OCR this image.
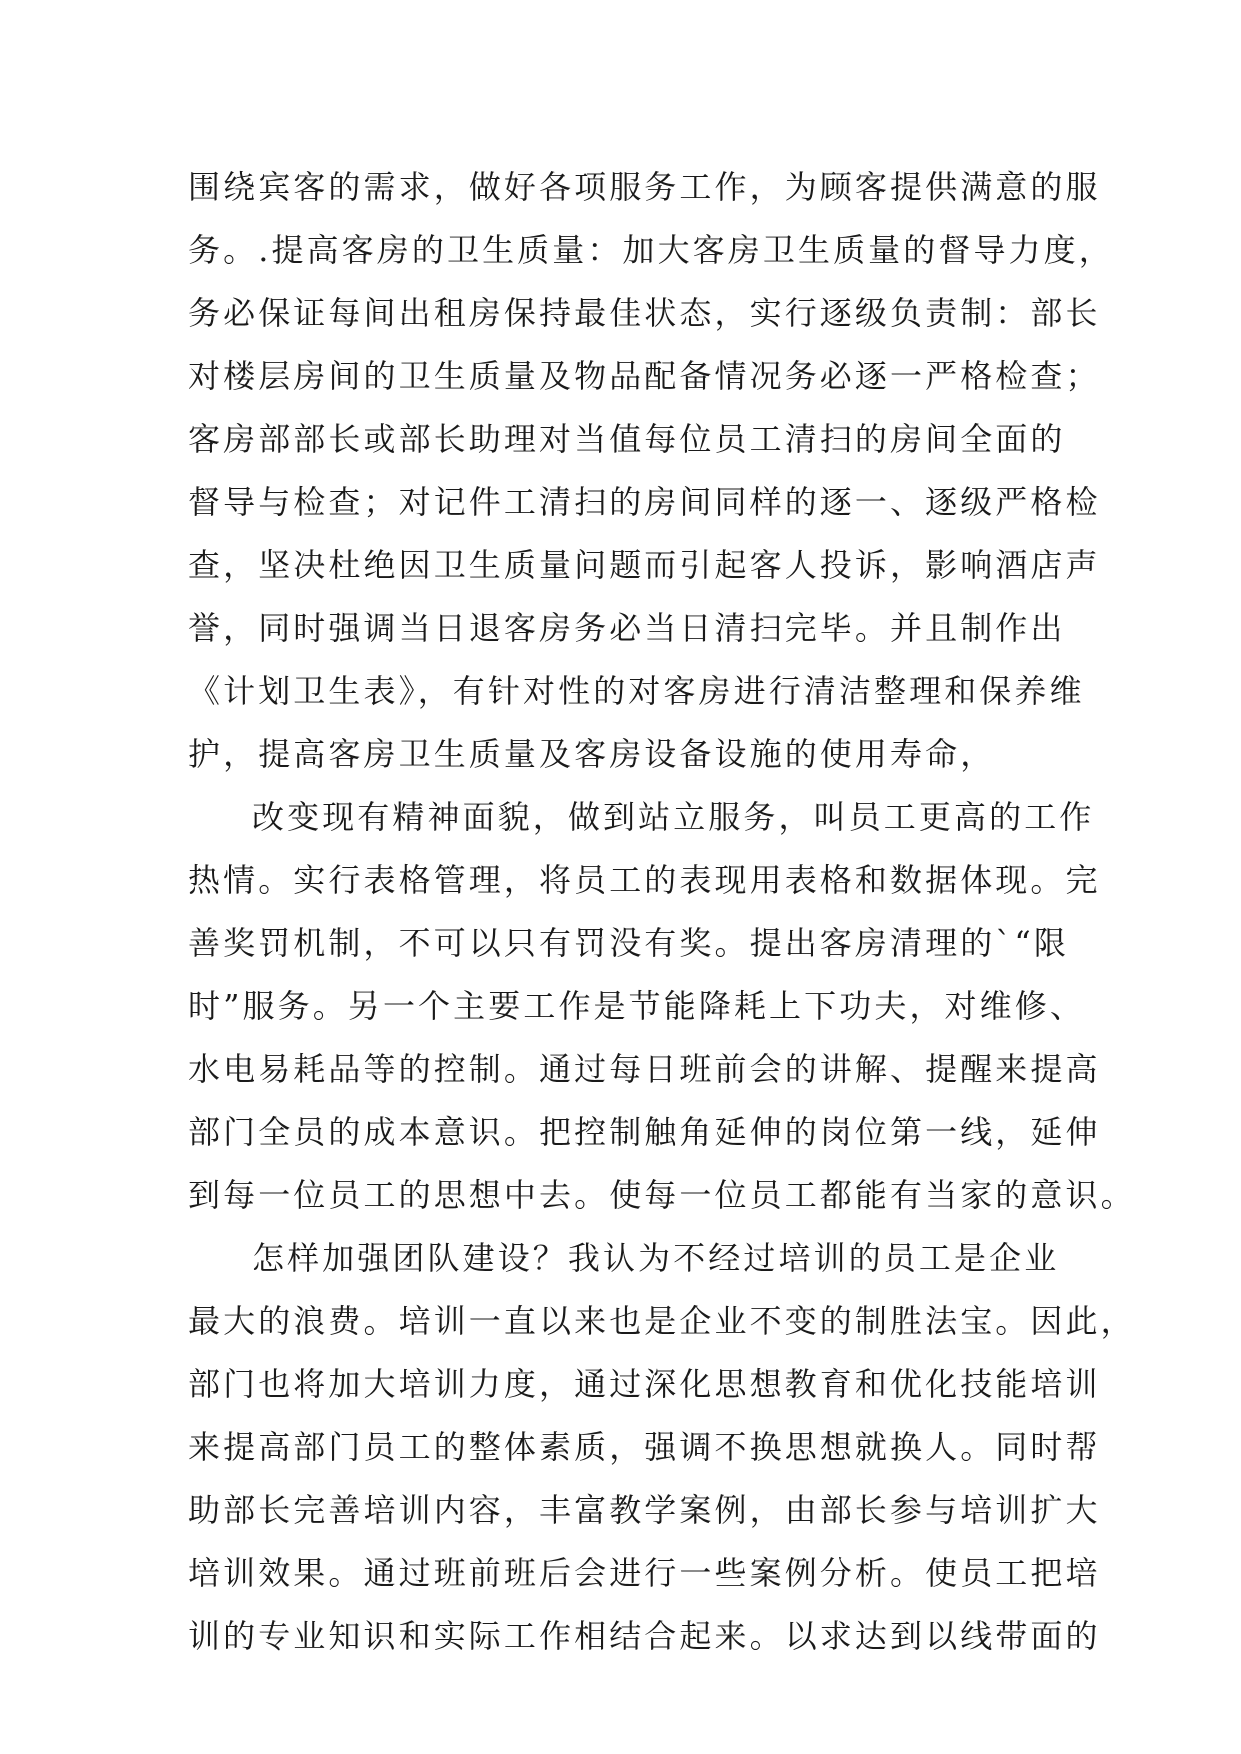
围绕宾客的需求，做好各项服务工作，为顾客提供满意的服
务。.提高客房的卫生质量：加大客房卫生质量的督导力度，
务必保证每间出租房保持最佳状态，实行逐级负责制：部长
对楼层房间的卫生质量及物品配备情况务必逐一严格检查；
客房部部长或部长助理对当值每位员工清扫的房间全面的
督导与检查；对记件工清扫的房间同样的逐一、逐级严格检
查，坚决杜绝因卫生质量问题而引起客人投诉，影响酒店声
誉，同时强调当日退客房务必当日清扫完毕。并且制作出
《计划卫生表》，有针对性的对客房进行清洁整理和保养维
护，提高客房卫生质量及客房设备设施的使用寿命，
改变现有精神面貌，做到站立服务，叫员工更高的工作
热情。实行表格管理，将员工的表现用表格和数据体现。完
善奖罚机制，不可以只有罚没有奖。提出客房清理的`“限
时”服务。另一个主要工作是节能降耗上下功夫，对维修、
水电易耗品等的控制。通过每日班前会的讲解、提醒来提高
部门全员的成本意识。把控制触角延伸的岗位第一线，延伸
到每一位员工的思想中去。使每一位员工都能有当家的意识。
怎样加强团队建设？我认为不经过培训的员工是企业
最大的浪费。培训一直以来也是企业不变的制胜法宝。因此，
部门也将加大培训力度，通过深化思想教育和优化技能培训
来提高部门员工的整体素质，强调不换思想就换人。同时帮
助部长完善培训内容，丰富教学案例，由部长参与培训扩大
培训效果。通过班前班后会进行一些案例分析。使员工把培
训的专业知识和实际工作相结合起来。以求达到以线带面的
